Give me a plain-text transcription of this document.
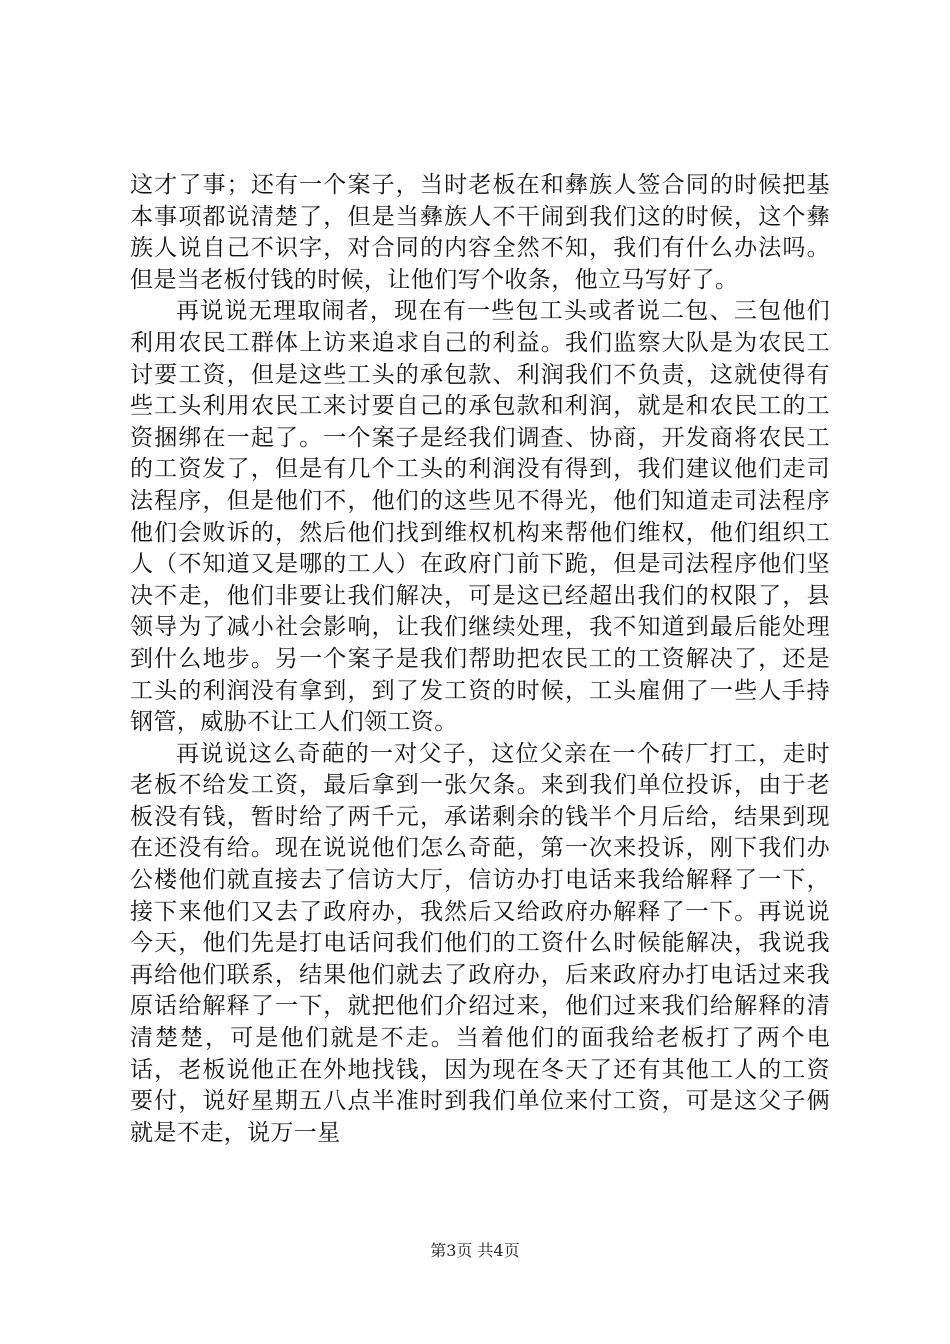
这才了事；还有一个案子，当时老板在和彝族人签合同的时候把基本事项都说清楚了，但是当彝族人不干闹到我们这的时候，这个彝族人说自己不识字，对合同的内容全然不知，我们有什么办法吗。但是当老板付钱的时候，让他们写个收条，他立马写好了。

再说说无理取闹者，现在有一些包工头或者说二包、三包他们利用农民工群体上访来追求自己的利益。我们监察大队是为农民工讨要工资，但是这些工头的承包款、利润我们不负责，这就使得有些工头利用农民工来讨要自己的承包款和利润，就是和农民工的工资捆绑在一起了。一个案子是经我们调查、协商，开发商将农民工的工资发了，但是有几个工头的利润没有得到，我们建议他们走司法程序，但是他们不，他们的这些见不得光，他们知道走司法程序他们会败诉的，然后他们找到维权机构来帮他们维权，他们组织工人（不知道又是哪的工人）在政府门前下跪，但是司法程序他们坚决不走，他们非要让我们解决，可是这已经超出我们的权限了，县领导为了减小社会影响，让我们继续处理，我不知道到最后能处理到什么地步。另一个案子是我们帮助把农民工的工资解决了，还是工头的利润没有拿到，到了发工资的时候，工头雇佣了一些人手持钢管，威胁不让工人们领工资。

再说说这么奇葩的一对父子，这位父亲在一个砖厂打工，走时老板不给发工资，最后拿到一张欠条。来到我们单位投诉，由于老板没有钱，暂时给了两千元，承诺剩余的钱半个月后给，结果到现在还没有给。现在说说他们怎么奇葩，第一次来投诉，刚下我们办公楼他们就直接去了信访大厅，信访办打电话来我给解释了一下，接下来他们又去了政府办，我然后又给政府办解释了一下。再说说今天，他们先是打电话问我们他们的工资什么时候能解决，我说我再给他们联系，结果他们就去了政府办，后来政府办打电话过来我原话给解释了一下，就把他们介绍过来，他们过来我们给解释的清清楚楚，可是他们就是不走。当着他们的面我给老板打了两个电话，老板说他正在外地找钱，因为现在冬天了还有其他工人的工资要付，说好星期五八点半准时到我们单位来付工资，可是这父子俩就是不走，说万一星

第3页 共4页
